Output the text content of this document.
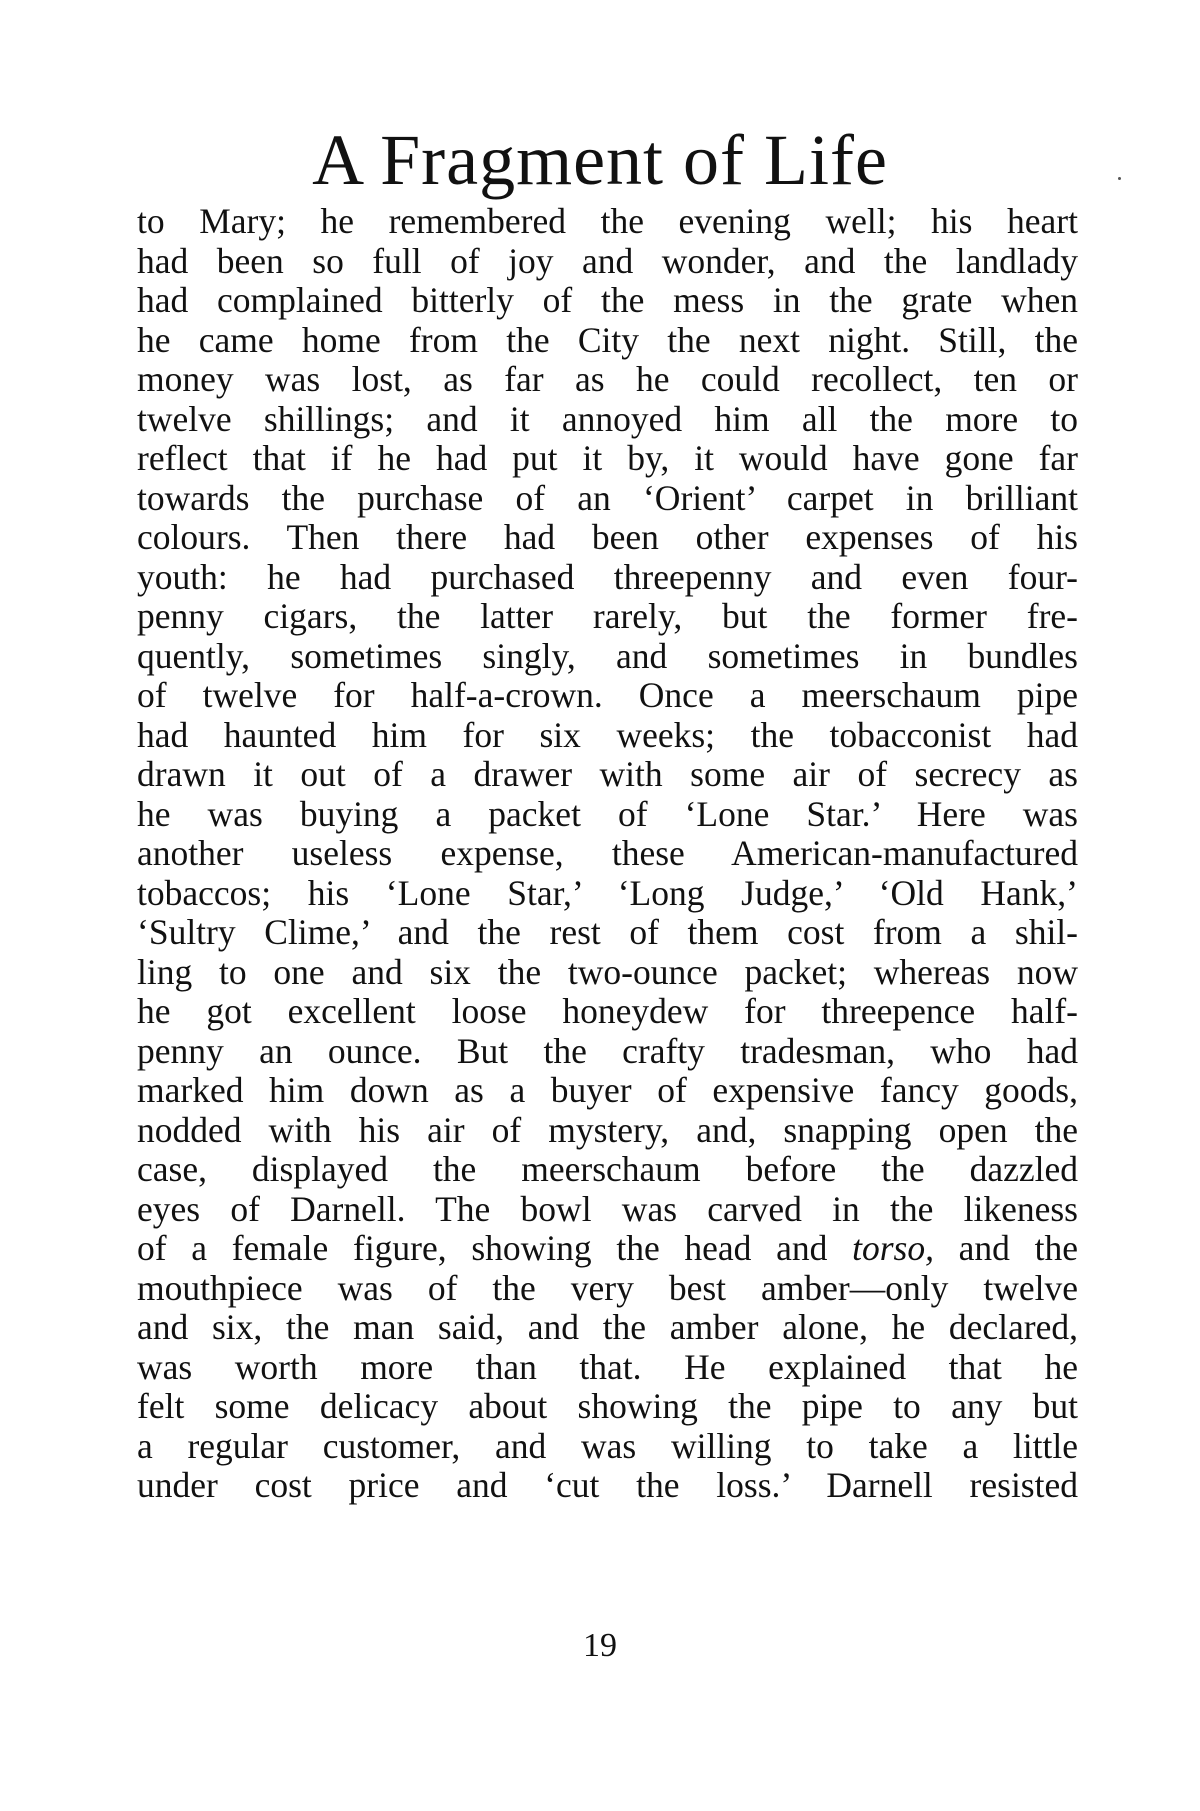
A Fragment of Life
to Mary; he remembered the evening well; his heart
had been so full of joy and wonder, and the landlady
had complained bitterly of the mess in the grate when
he came home from the City the next night. Still, the
money was lost, as far as he could recollect, ten or
twelve shillings; and it annoyed him all the more to
reflect that if he had put it by, it would have gone far
towards the purchase of an ‘Orient’ carpet in brilliant
colours. Then there had been other expenses of his
youth: he had purchased threepenny and even four-
penny cigars, the latter rarely, but the former fre-
quently, sometimes singly, and sometimes in bundles
of twelve for half-a-crown. Once a meerschaum pipe
had haunted him for six weeks; the tobacconist had
drawn it out of a drawer with some air of secrecy as
he was buying a packet of ‘Lone Star.’ Here was
another useless expense, these American-manufactured
tobaccos; his ‘Lone Star,’ ‘Long Judge,’ ‘Old Hank,’
‘Sultry Clime,’ and the rest of them cost from a shil-
ling to one and six the two-ounce packet; whereas now
he got excellent loose honeydew for threepence half-
penny an ounce. But the crafty tradesman, who had
marked him down as a buyer of expensive fancy goods,
nodded with his air of mystery, and, snapping open the
case, displayed the meerschaum before the dazzled
eyes of Darnell. The bowl was carved in the likeness
of a female figure, showing the head and torso, and the
mouthpiece was of the very best amber—only twelve
and six, the man said, and the amber alone, he declared,
was worth more than that. He explained that he
felt some delicacy about showing the pipe to any but
a regular customer, and was willing to take a little
under cost price and ‘cut the loss.’ Darnell resisted
19
